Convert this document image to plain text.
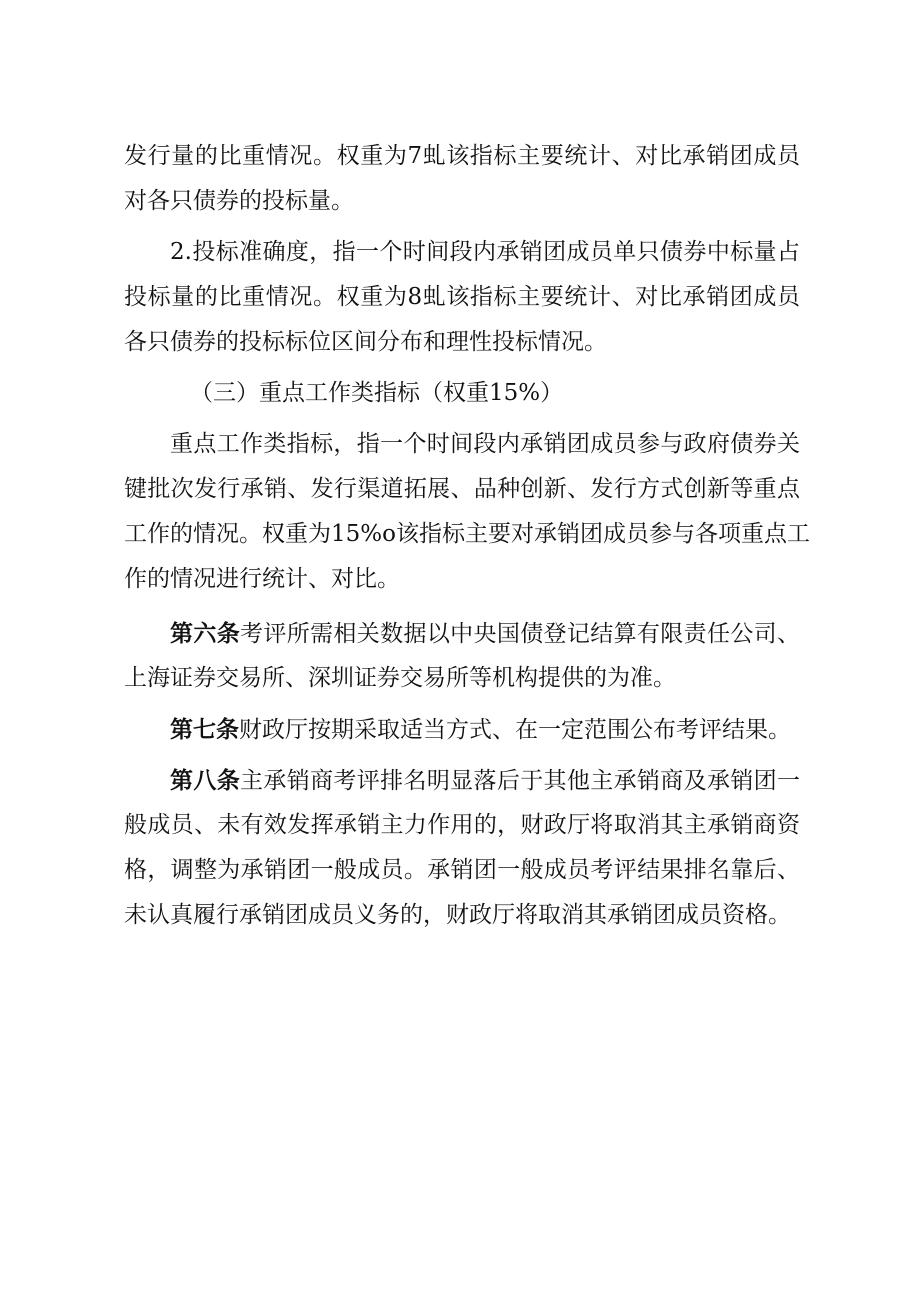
发行量的比重情况。权重为7虬该指标主要统计、对比承销团成员
对各只债券的投标量。
2.投标准确度，指一个时间段内承销团成员单只债券中标量占
投标量的比重情况。权重为8虬该指标主要统计、对比承销团成员
各只债券的投标标位区间分布和理性投标情况。
（三）重点工作类指标（权重15%）
重点工作类指标，指一个时间段内承销团成员参与政府债券关
键批次发行承销、发行渠道拓展、品种创新、发行方式创新等重点
工作的情况。权重为15%o该指标主要对承销团成员参与各项重点工
作的情况进行统计、对比。
第六条考评所需相关数据以中央国债登记结算有限责任公司、
上海证券交易所、深圳证券交易所等机构提供的为准。
第七条财政厅按期采取适当方式、在一定范围公布考评结果。
第八条主承销商考评排名明显落后于其他主承销商及承销团一
般成员、未有效发挥承销主力作用的，财政厅将取消其主承销商资
格，调整为承销团一般成员。承销团一般成员考评结果排名靠后、
未认真履行承销团成员义务的，财政厅将取消其承销团成员资格。
